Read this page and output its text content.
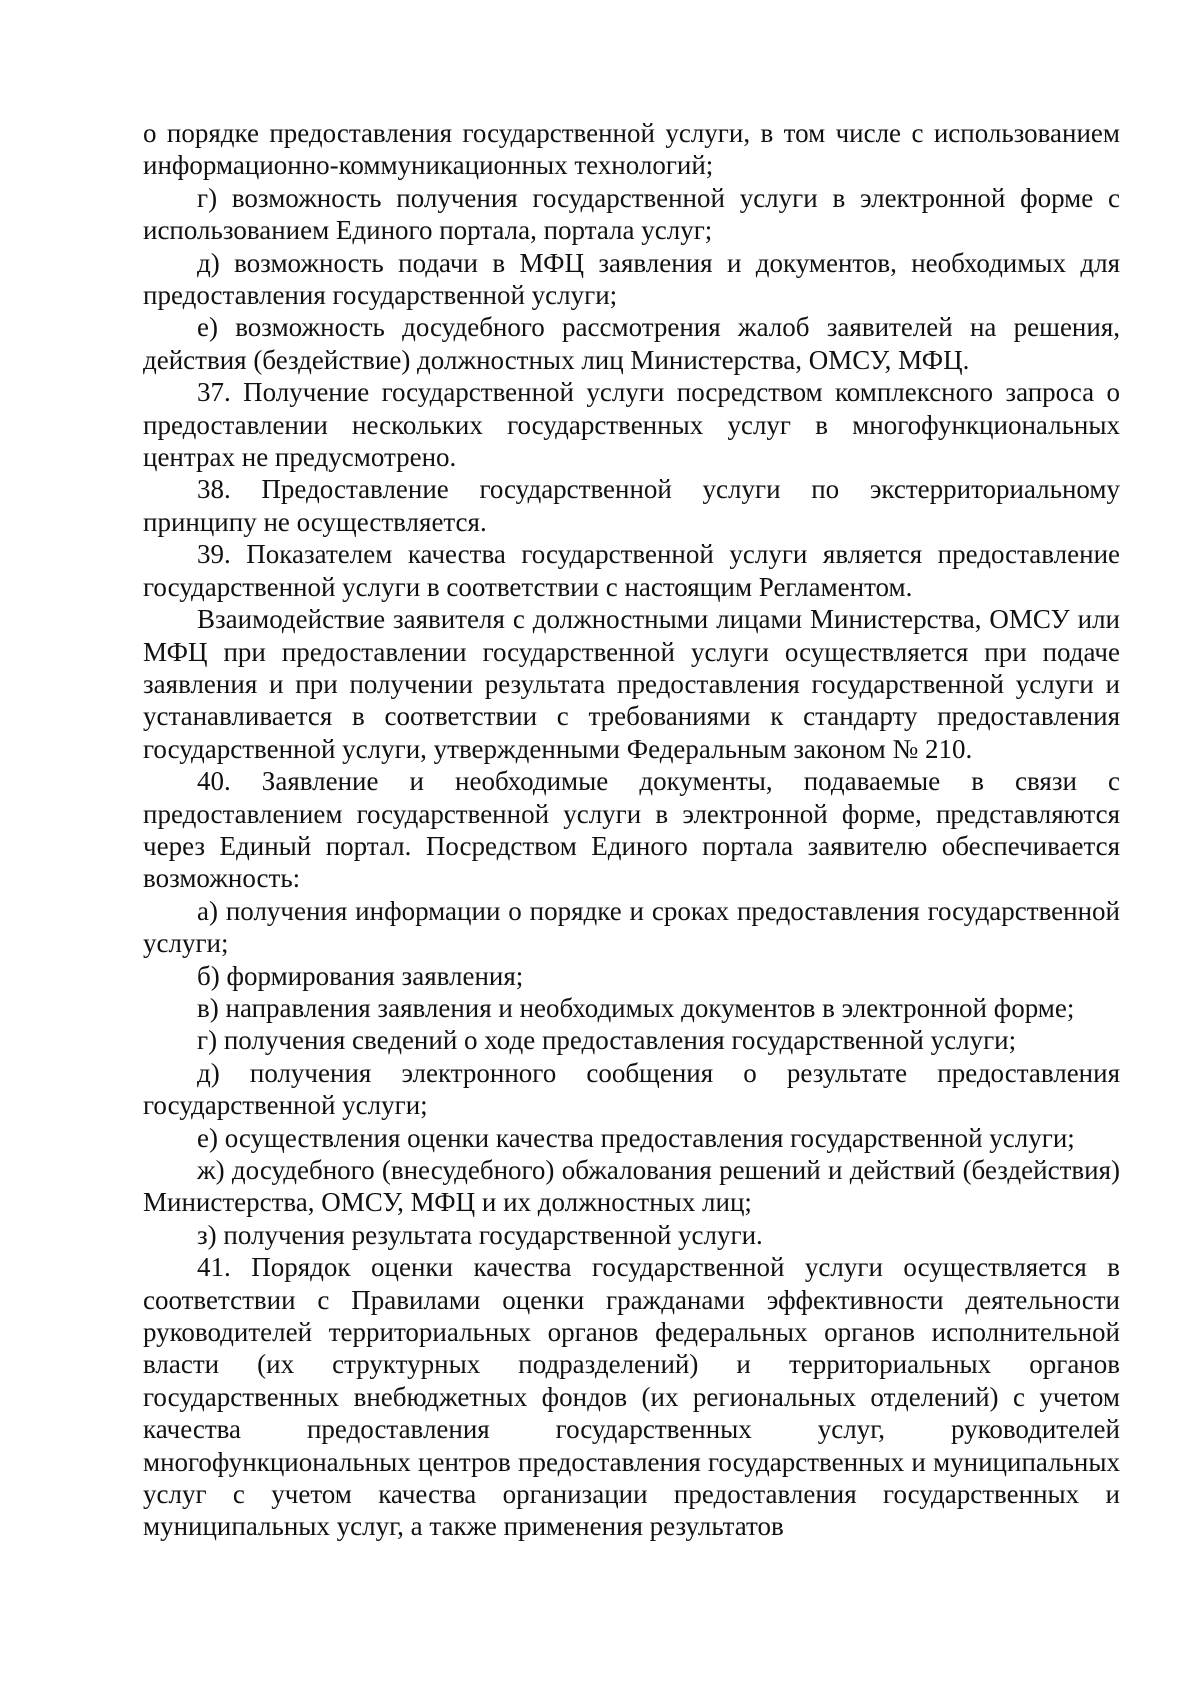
о порядке предоставления государственной услуги, в том числе с использованием информационно-коммуникационных технологий;

г) возможность получения государственной услуги в электронной форме с использованием Единого портала, портала услуг;

д) возможность подачи в МФЦ заявления и документов, необходимых для предоставления государственной услуги;

е) возможность досудебного рассмотрения жалоб заявителей на решения, действия (бездействие) должностных лиц Министерства, ОМСУ, МФЦ.

37. Получение государственной услуги посредством комплексного запроса о предоставлении нескольких государственных услуг в многофункциональных центрах не предусмотрено.

38. Предоставление государственной услуги по экстерриториальному принципу не осуществляется.

39. Показателем качества государственной услуги является предоставление государственной услуги в соответствии с настоящим Регламентом.

Взаимодействие заявителя с должностными лицами Министерства, ОМСУ или МФЦ при предоставлении государственной услуги осуществляется при подаче заявления и при получении результата предоставления государственной услуги и устанавливается в соответствии с требованиями к стандарту предоставления государственной услуги, утвержденными Федеральным законом № 210.

40. Заявление и необходимые документы, подаваемые в связи с предоставлением государственной услуги в электронной форме, представляются через Единый портал. Посредством Единого портала заявителю обеспечивается возможность:

а) получения информации о порядке и сроках предоставления государственной услуги;

б) формирования заявления;

в) направления заявления и необходимых документов в электронной форме;

г) получения сведений о ходе предоставления государственной услуги;

д) получения электронного сообщения о результате предоставления государственной услуги;

е) осуществления оценки качества предоставления государственной услуги;

ж) досудебного (внесудебного) обжалования решений и действий (бездействия) Министерства, ОМСУ, МФЦ и их должностных лиц;

з) получения результата государственной услуги.

41. Порядок оценки качества государственной услуги осуществляется в соответствии с Правилами оценки гражданами эффективности деятельности руководителей территориальных органов федеральных органов исполнительной власти (их структурных подразделений) и территориальных органов государственных внебюджетных фондов (их региональных отделений) с учетом качества предоставления государственных услуг, руководителей многофункциональных центров предоставления государственных и муниципальных услуг с учетом качества организации предоставления государственных и муниципальных услуг, а также применения результатов
